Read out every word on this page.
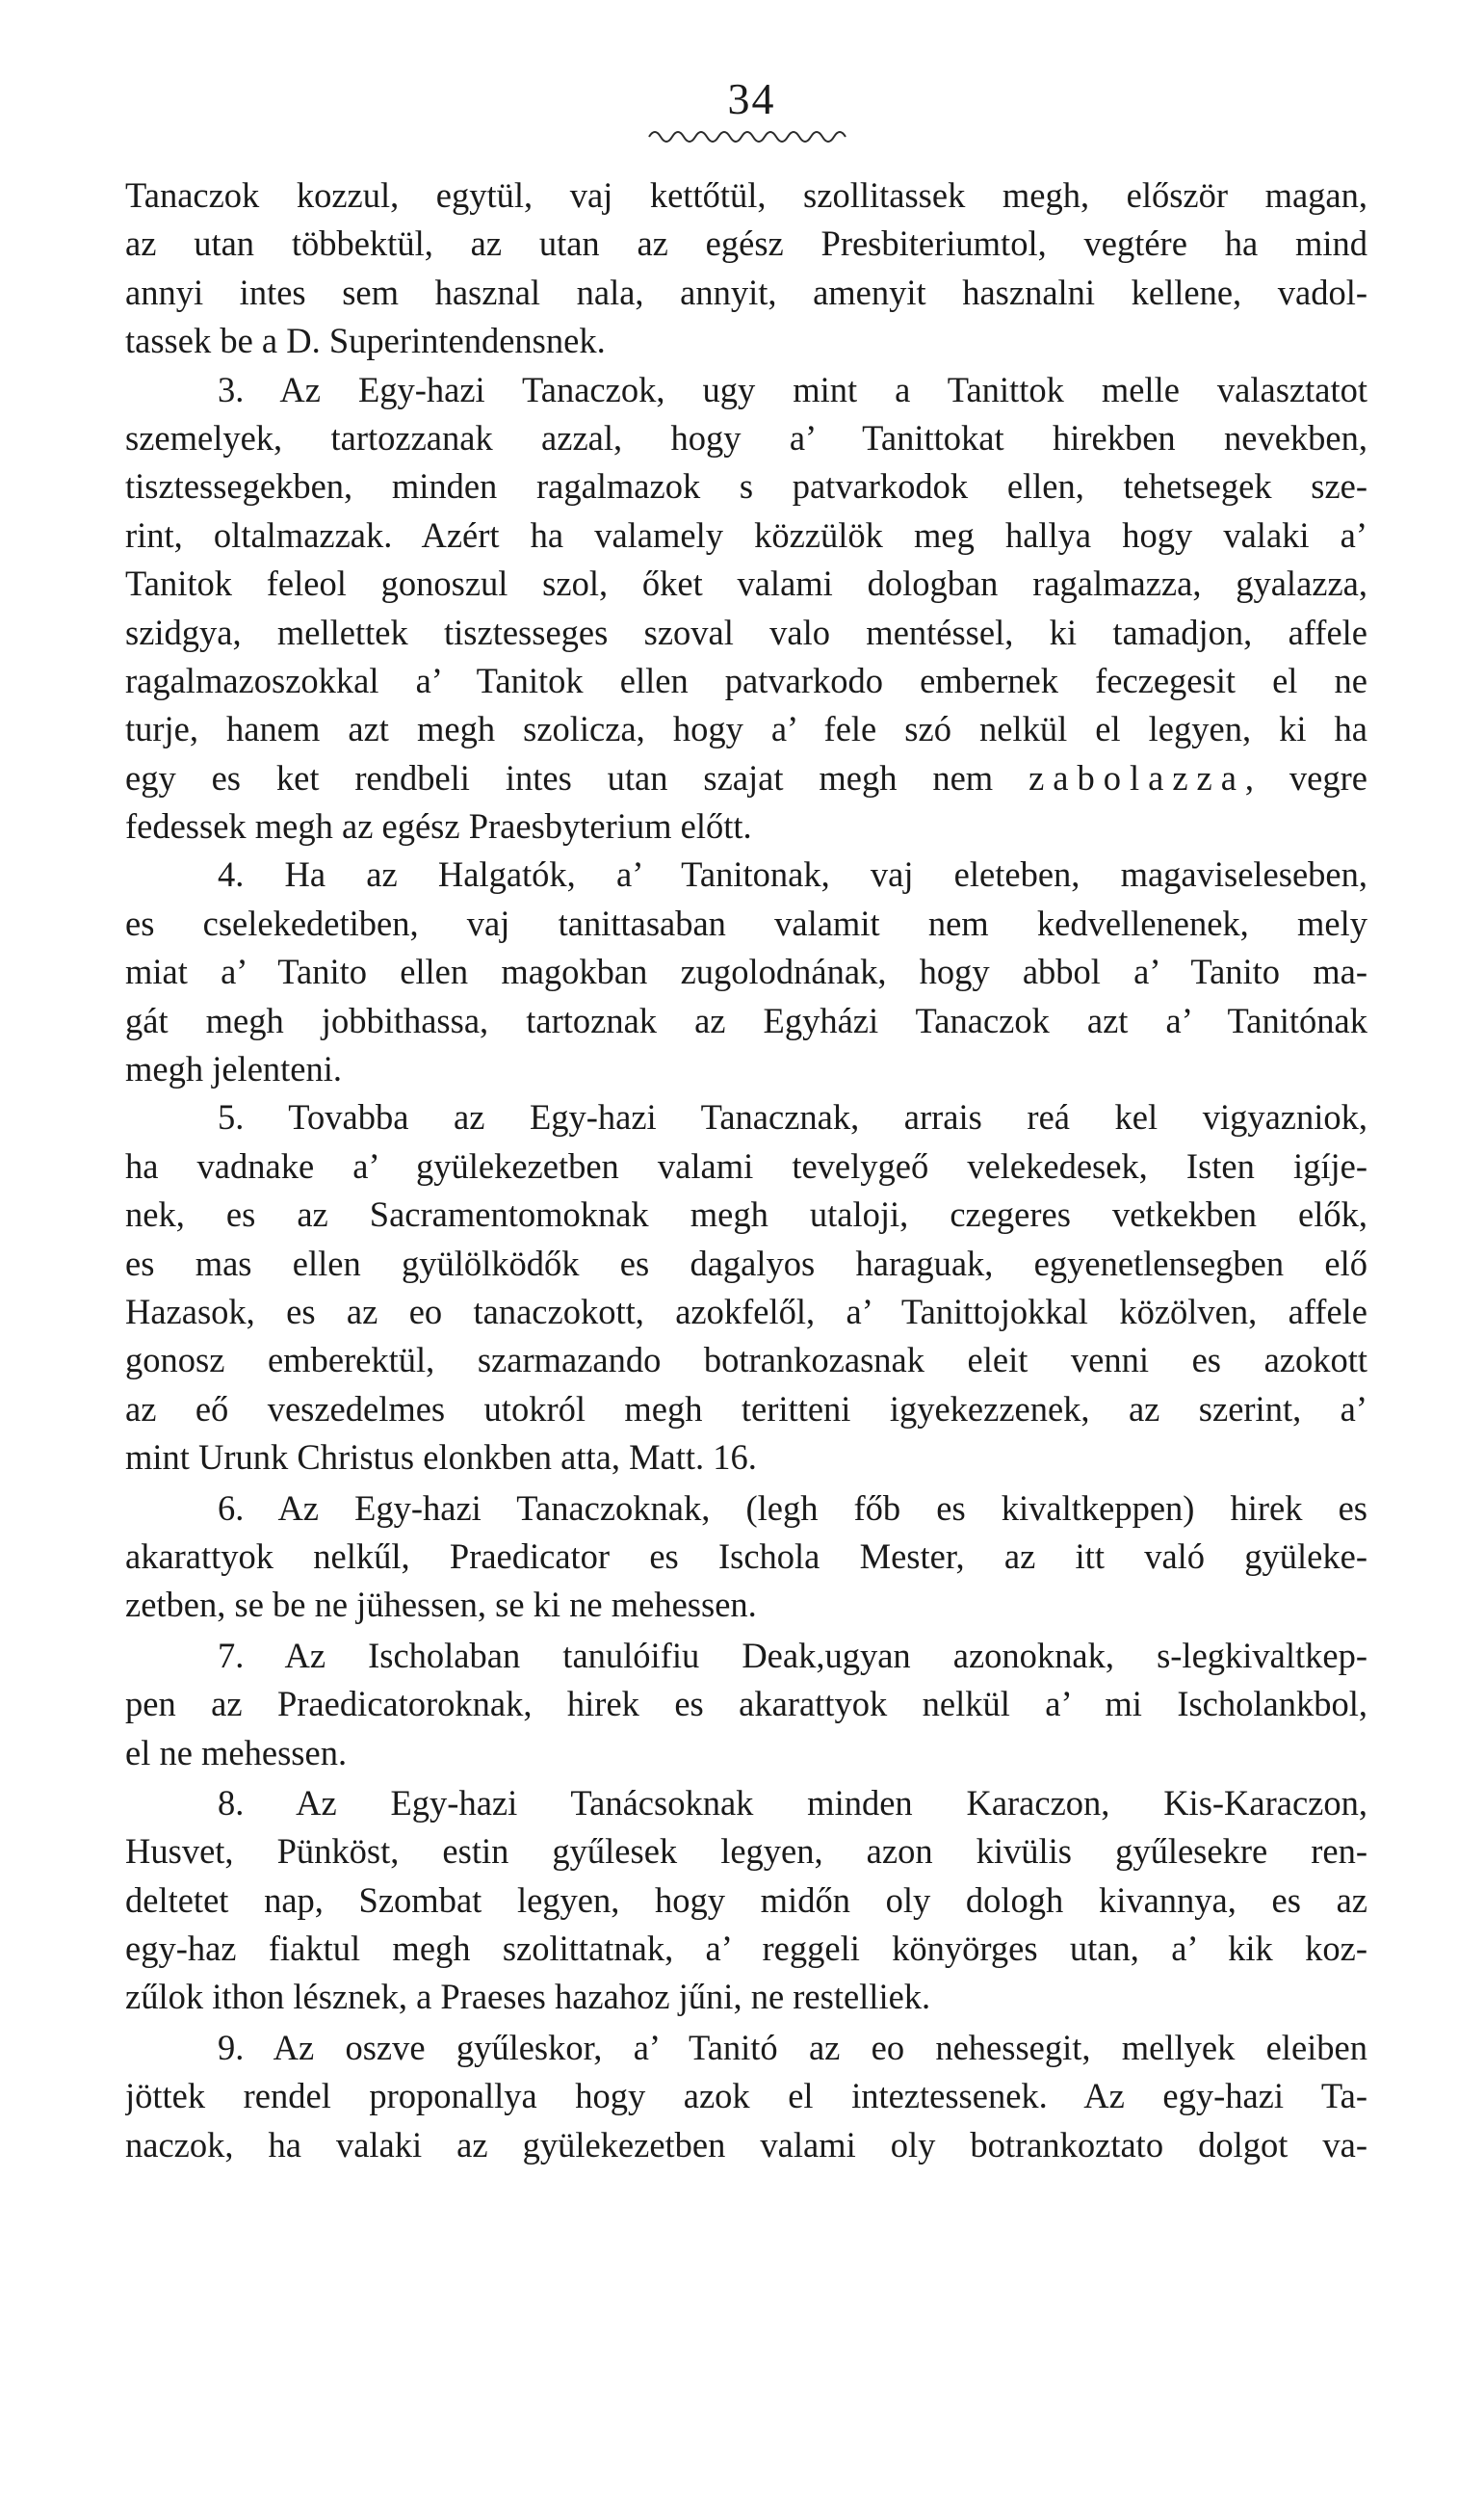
34
Tanaczok kozzul, egytül, vaj kettőtül, szollitassek megh, először magan,
az utan többektül, az utan az egész Presbiteriumtol, vegtére ha mind
annyi intes sem hasznal nala, annyit, amenyit hasznalni kellene, vadol-
tassek be a D. Superintendensnek.
3. Az Egy-hazi Tanaczok, ugy mint a Tanittok melle valasztatot
szemelyek, tartozzanak azzal, hogy a’ Tanittokat hirekben nevekben,
tisztessegekben, minden ragalmazok s patvarkodok ellen, tehetsegek sze-
rint, oltalmazzak. Azért ha valamely közzülök meg hallya hogy valaki a’
Tanitok feleol gonoszul szol, őket valami dologban ragalmazza, gyalazza,
szidgya, mellettek tisztesseges szoval valo mentéssel, ki tamadjon, affele
ragalmazoszokkal a’ Tanitok ellen patvarkodo embernek feczegesit el ne
turje, hanem azt megh szolicza, hogy a’ fele szó nelkül el legyen, ki ha
egy es ket rendbeli intes utan szajat megh nem zabolazza, vegre
fedessek megh az egész Praesbyterium előtt.
4. Ha az Halgatók, a’ Tanitonak, vaj eleteben, magaviseleseben,
es cselekedetiben, vaj tanittasaban valamit nem kedvellenenek, mely
miat a’ Tanito ellen magokban zugolodnának, hogy abbol a’ Tanito ma-
gát megh jobbithassa, tartoznak az Egyházi Tanaczok azt a’ Tanitónak
megh jelenteni.
5. Tovabba az Egy-hazi Tanacznak, arrais reá kel vigyazniok,
ha vadnake a’ gyülekezetben valami tevelygeő velekedesek, Isten igíje-
nek, es az Sacramentomoknak megh utaloji, czegeres vetkekben elők,
es mas ellen gyülölködők es dagalyos haraguak, egyenetlensegben elő
Hazasok, es az eo tanaczokott, azokfelől, a’ Tanittojokkal közölven, affele
gonosz emberektül, szarmazando botrankozasnak eleit venni es azokott
az eő veszedelmes utokról megh teritteni igyekezzenek, az szerint, a’
mint Urunk Christus elonkben atta, Matt. 16.
6. Az Egy-hazi Tanaczoknak, (legh főb es kivaltkeppen) hirek es
akarattyok nelkűl, Praedicator es Ischola Mester, az itt való gyüleke-
zetben, se be ne jühessen, se ki ne mehessen.
7. Az Ischolaban tanulóifiu Deak,ugyan azonoknak, s-legkivaltkep-
pen az Praedicatoroknak, hirek es akarattyok nelkül a’ mi Ischolankbol,
el ne mehessen.
8. Az Egy-hazi Tanácsoknak minden Karaczon, Kis-Karaczon,
Husvet, Pünköst, estin gyűlesek legyen, azon kivülis gyűlesekre ren-
deltetet nap, Szombat legyen, hogy midőn oly dologh kivannya, es az
egy-haz fiaktul megh szolittatnak, a’ reggeli könyörges utan, a’ kik koz-
zűlok ithon lésznek, a Praeses hazahoz jűni, ne restelliek.
9. Az oszve gyűleskor, a’ Tanitó az eo nehessegit, mellyek eleiben
jöttek rendel proponallya hogy azok el inteztessenek. Az egy-hazi Ta-
naczok, ha valaki az gyülekezetben valami oly botrankoztato dolgot va-
